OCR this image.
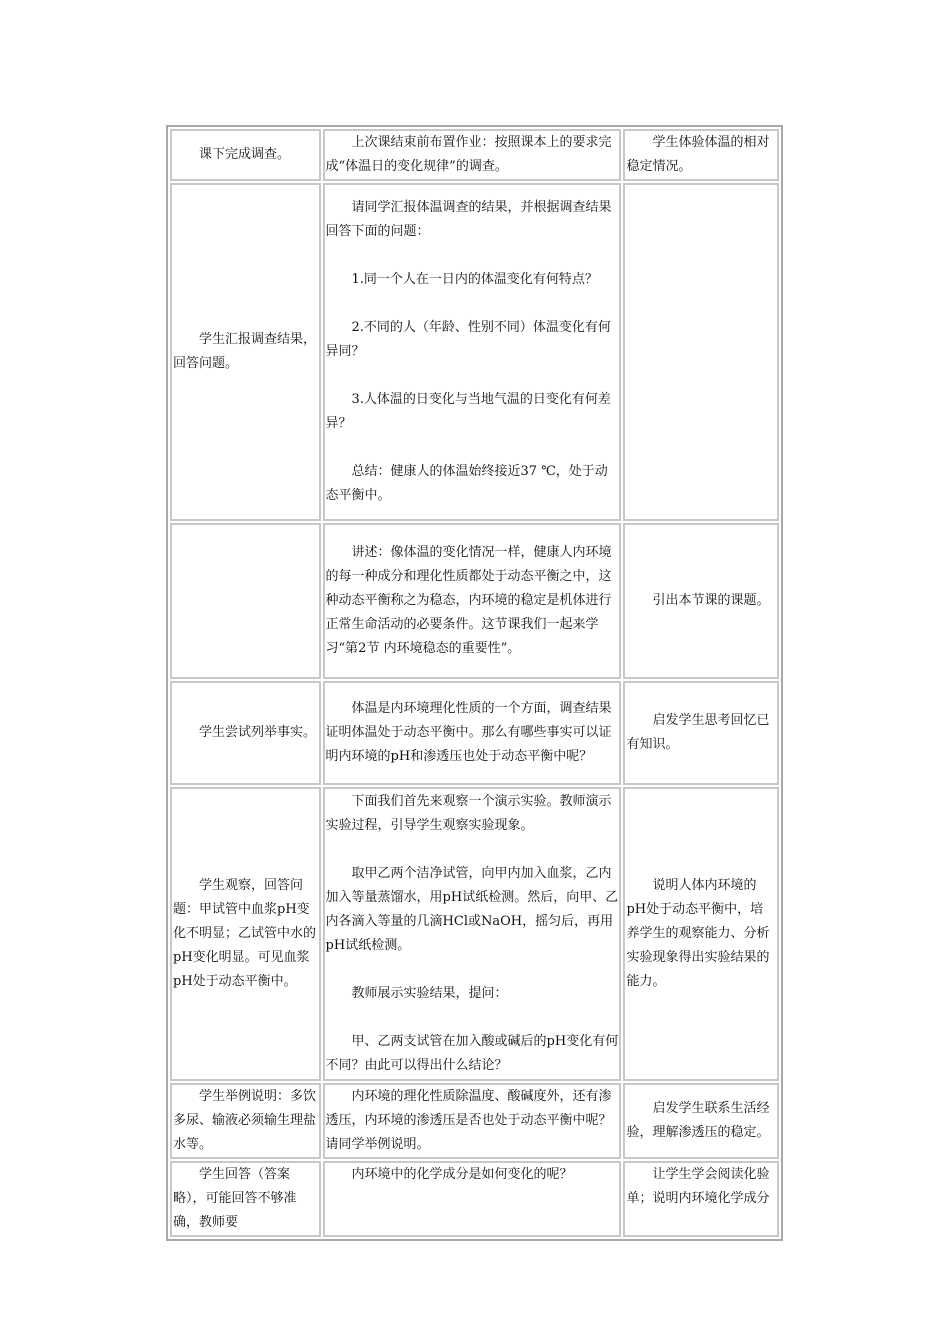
课下完成调查。	上次课结束前布置作业：按照课本上的要求完成“体温日的变化规律”的调查。	学生体验体温的相对稳定情况。

学生汇报调查结果，回答问题。	请同学汇报体温调查的结果，并根据调查结果回答下面的问题：

1.同一个人在一日内的体温变化有何特点？

2.不同的人（年龄、性别不同）体温变化有何异同？

3.人体温的日变化与当地气温的日变化有何差异？

总结：健康人的体温始终接近37 ℃，处于动态平衡中。	

	讲述：像体温的变化情况一样，健康人内环境的每一种成分和理化性质都处于动态平衡之中，这种动态平衡称之为稳态，内环境的稳定是机体进行正常生命活动的必要条件。这节课我们一起来学习“第2节 内环境稳态的重要性”。	引出本节课的课题。

学生尝试列举事实。	体温是内环境理化性质的一个方面，调查结果证明体温处于动态平衡中。那么有哪些事实可以证明内环境的pH和渗透压也处于动态平衡中呢？	启发学生思考回忆已有知识。

学生观察，回答问题：甲试管中血浆pH变化不明显；乙试管中水的pH变化明显。可见血浆pH处于动态平衡中。	下面我们首先来观察一个演示实验。教师演示实验过程，引导学生观察实验现象。

取甲乙两个洁净试管，向甲内加入血浆，乙内加入等量蒸馏水，用pH试纸检测。然后，向甲、乙内各滴入等量的几滴HCl或NaOH，摇匀后，再用pH试纸检测。

教师展示实验结果，提问：

甲、乙两支试管在加入酸或碱后的pH变化有何不同？由此可以得出什么结论？	说明人体内环境的pH处于动态平衡中，培养学生的观察能力、分析实验现象得出实验结果的能力。

学生举例说明：多饮多尿、输液必须输生理盐水等。	内环境的理化性质除温度、酸碱度外，还有渗透压，内环境的渗透压是否也处于动态平衡中呢？请同学举例说明。	启发学生联系生活经验，理解渗透压的稳定。

学生回答（答案略），可能回答不够准确，教师要	内环境中的化学成分是如何变化的呢？	让学生学会阅读化验单；说明内环境化学成分
